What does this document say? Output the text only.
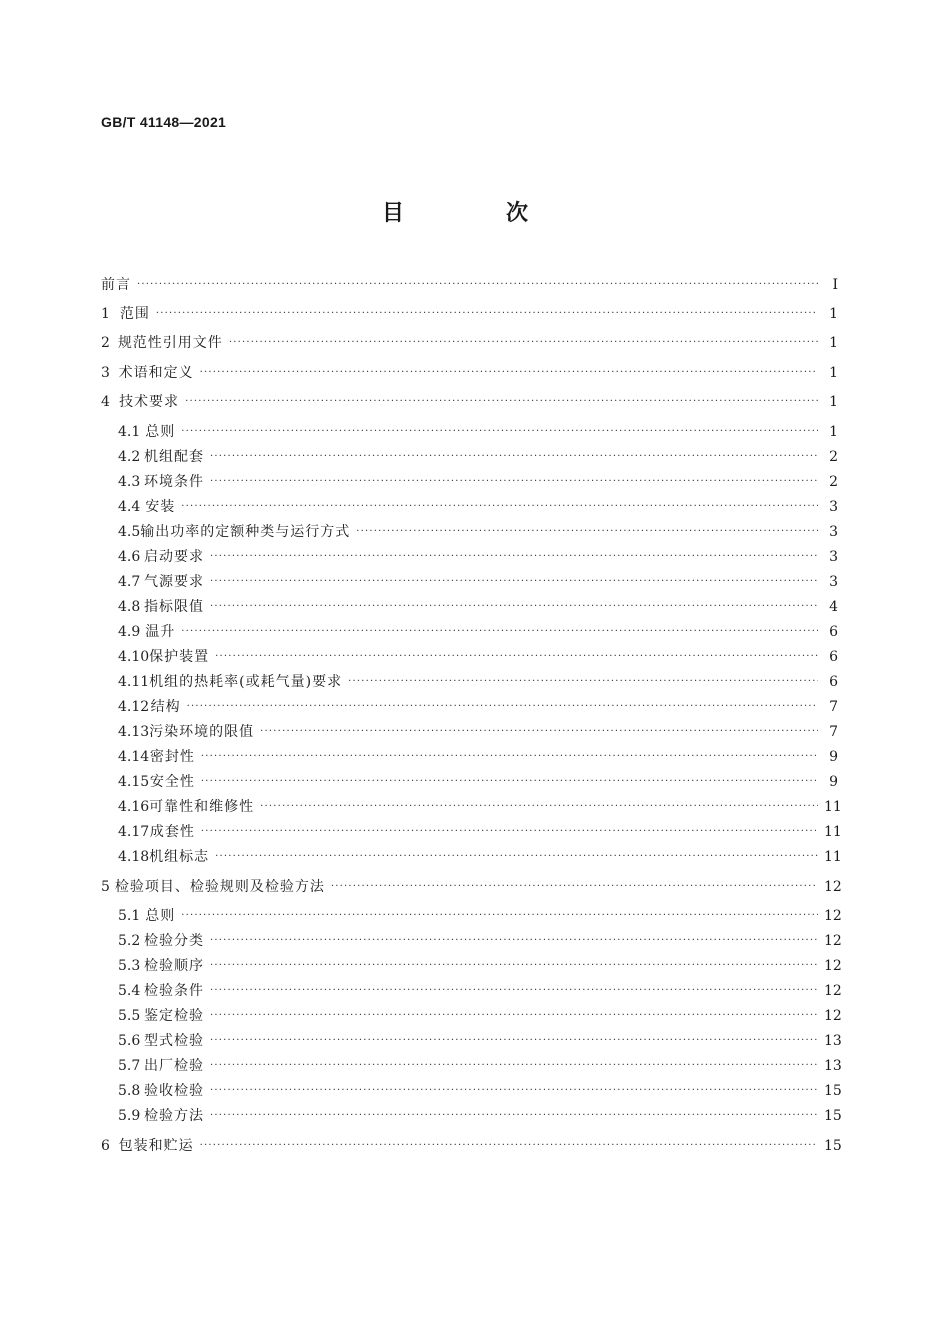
GB/T 41148—2021
目　次
前言 ·····	Ⅰ
1 范围 ·····	1
2 规范性引用文件 ·····	1
3 术语和定义 ·····	1
4 技术要求 ·····	1
4.1 总则 ·····	1
4.2 机组配套 ·····	2
4.3 环境条件 ·····	2
4.4 安装 ·····	3
4.5 输出功率的定额种类与运行方式 ·····	3
4.6 启动要求 ·····	3
4.7 气源要求 ·····	3
4.8 指标限值 ·····	4
4.9 温升 ·····	6
4.10 保护装置 ·····	6
4.11 机组的热耗率(或耗气量)要求 ·····	6
4.12 结构 ·····	7
4.13 污染环境的限值 ·····	7
4.14 密封性 ·····	9
4.15 安全性 ·····	9
4.16 可靠性和维修性 ·····	11
4.17 成套性 ·····	11
4.18 机组标志 ·····	11
5 检验项目、检验规则及检验方法 ·····	12
5.1 总则 ·····	12
5.2 检验分类 ·····	12
5.3 检验顺序 ·····	12
5.4 检验条件 ·····	12
5.5 鉴定检验 ·····	12
5.6 型式检验 ·····	13
5.7 出厂检验 ·····	13
5.8 验收检验 ·····	15
5.9 检验方法 ·····	15
6 包装和贮运 ·····	15
